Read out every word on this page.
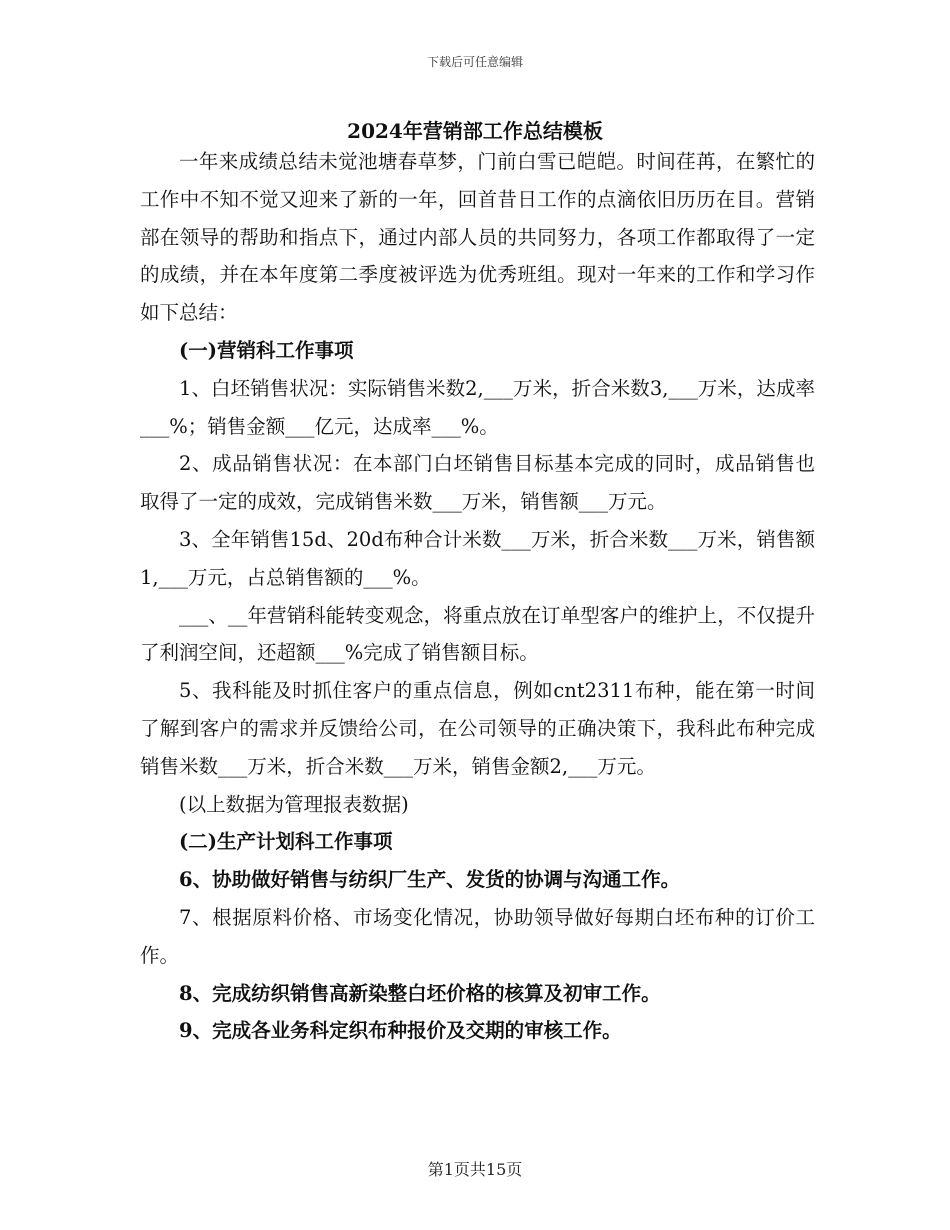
下载后可任意编辑
2024年营销部工作总结模板

一年来成绩总结未觉池塘春草梦，门前白雪已皑皑。时间荏苒，在繁忙的工作中不知不觉又迎来了新的一年，回首昔日工作的点滴依旧历历在目。营销部在领导的帮助和指点下，通过内部人员的共同努力，各项工作都取得了一定的成绩，并在本年度第二季度被评选为优秀班组。现对一年来的工作和学习作如下总结：

(一)营销科工作事项

1、白坯销售状况：实际销售米数2,___万米，折合米数3,___万米，达成率___%；销售金额___亿元，达成率___%。

2、成品销售状况：在本部门白坯销售目标基本完成的同时，成品销售也取得了一定的成效，完成销售米数___万米，销售额___万元。

3、全年销售15d、20d布种合计米数___万米，折合米数___万米，销售额1,___万元，占总销售额的___%。

___、__年营销科能转变观念，将重点放在订单型客户的维护上，不仅提升了利润空间，还超额___%完成了销售额目标。

5、我科能及时抓住客户的重点信息，例如cnt2311布种，能在第一时间了解到客户的需求并反馈给公司，在公司领导的正确决策下，我科此布种完成销售米数___万米，折合米数___万米，销售金额2,___万元。

(以上数据为管理报表数据)

(二)生产计划科工作事项

6、协助做好销售与纺织厂生产、发货的协调与沟通工作。

7、根据原料价格、市场变化情况，协助领导做好每期白坯布种的订价工作。

8、完成纺织销售高新染整白坯价格的核算及初审工作。

9、完成各业务科定织布种报价及交期的审核工作。

第1页共15页
